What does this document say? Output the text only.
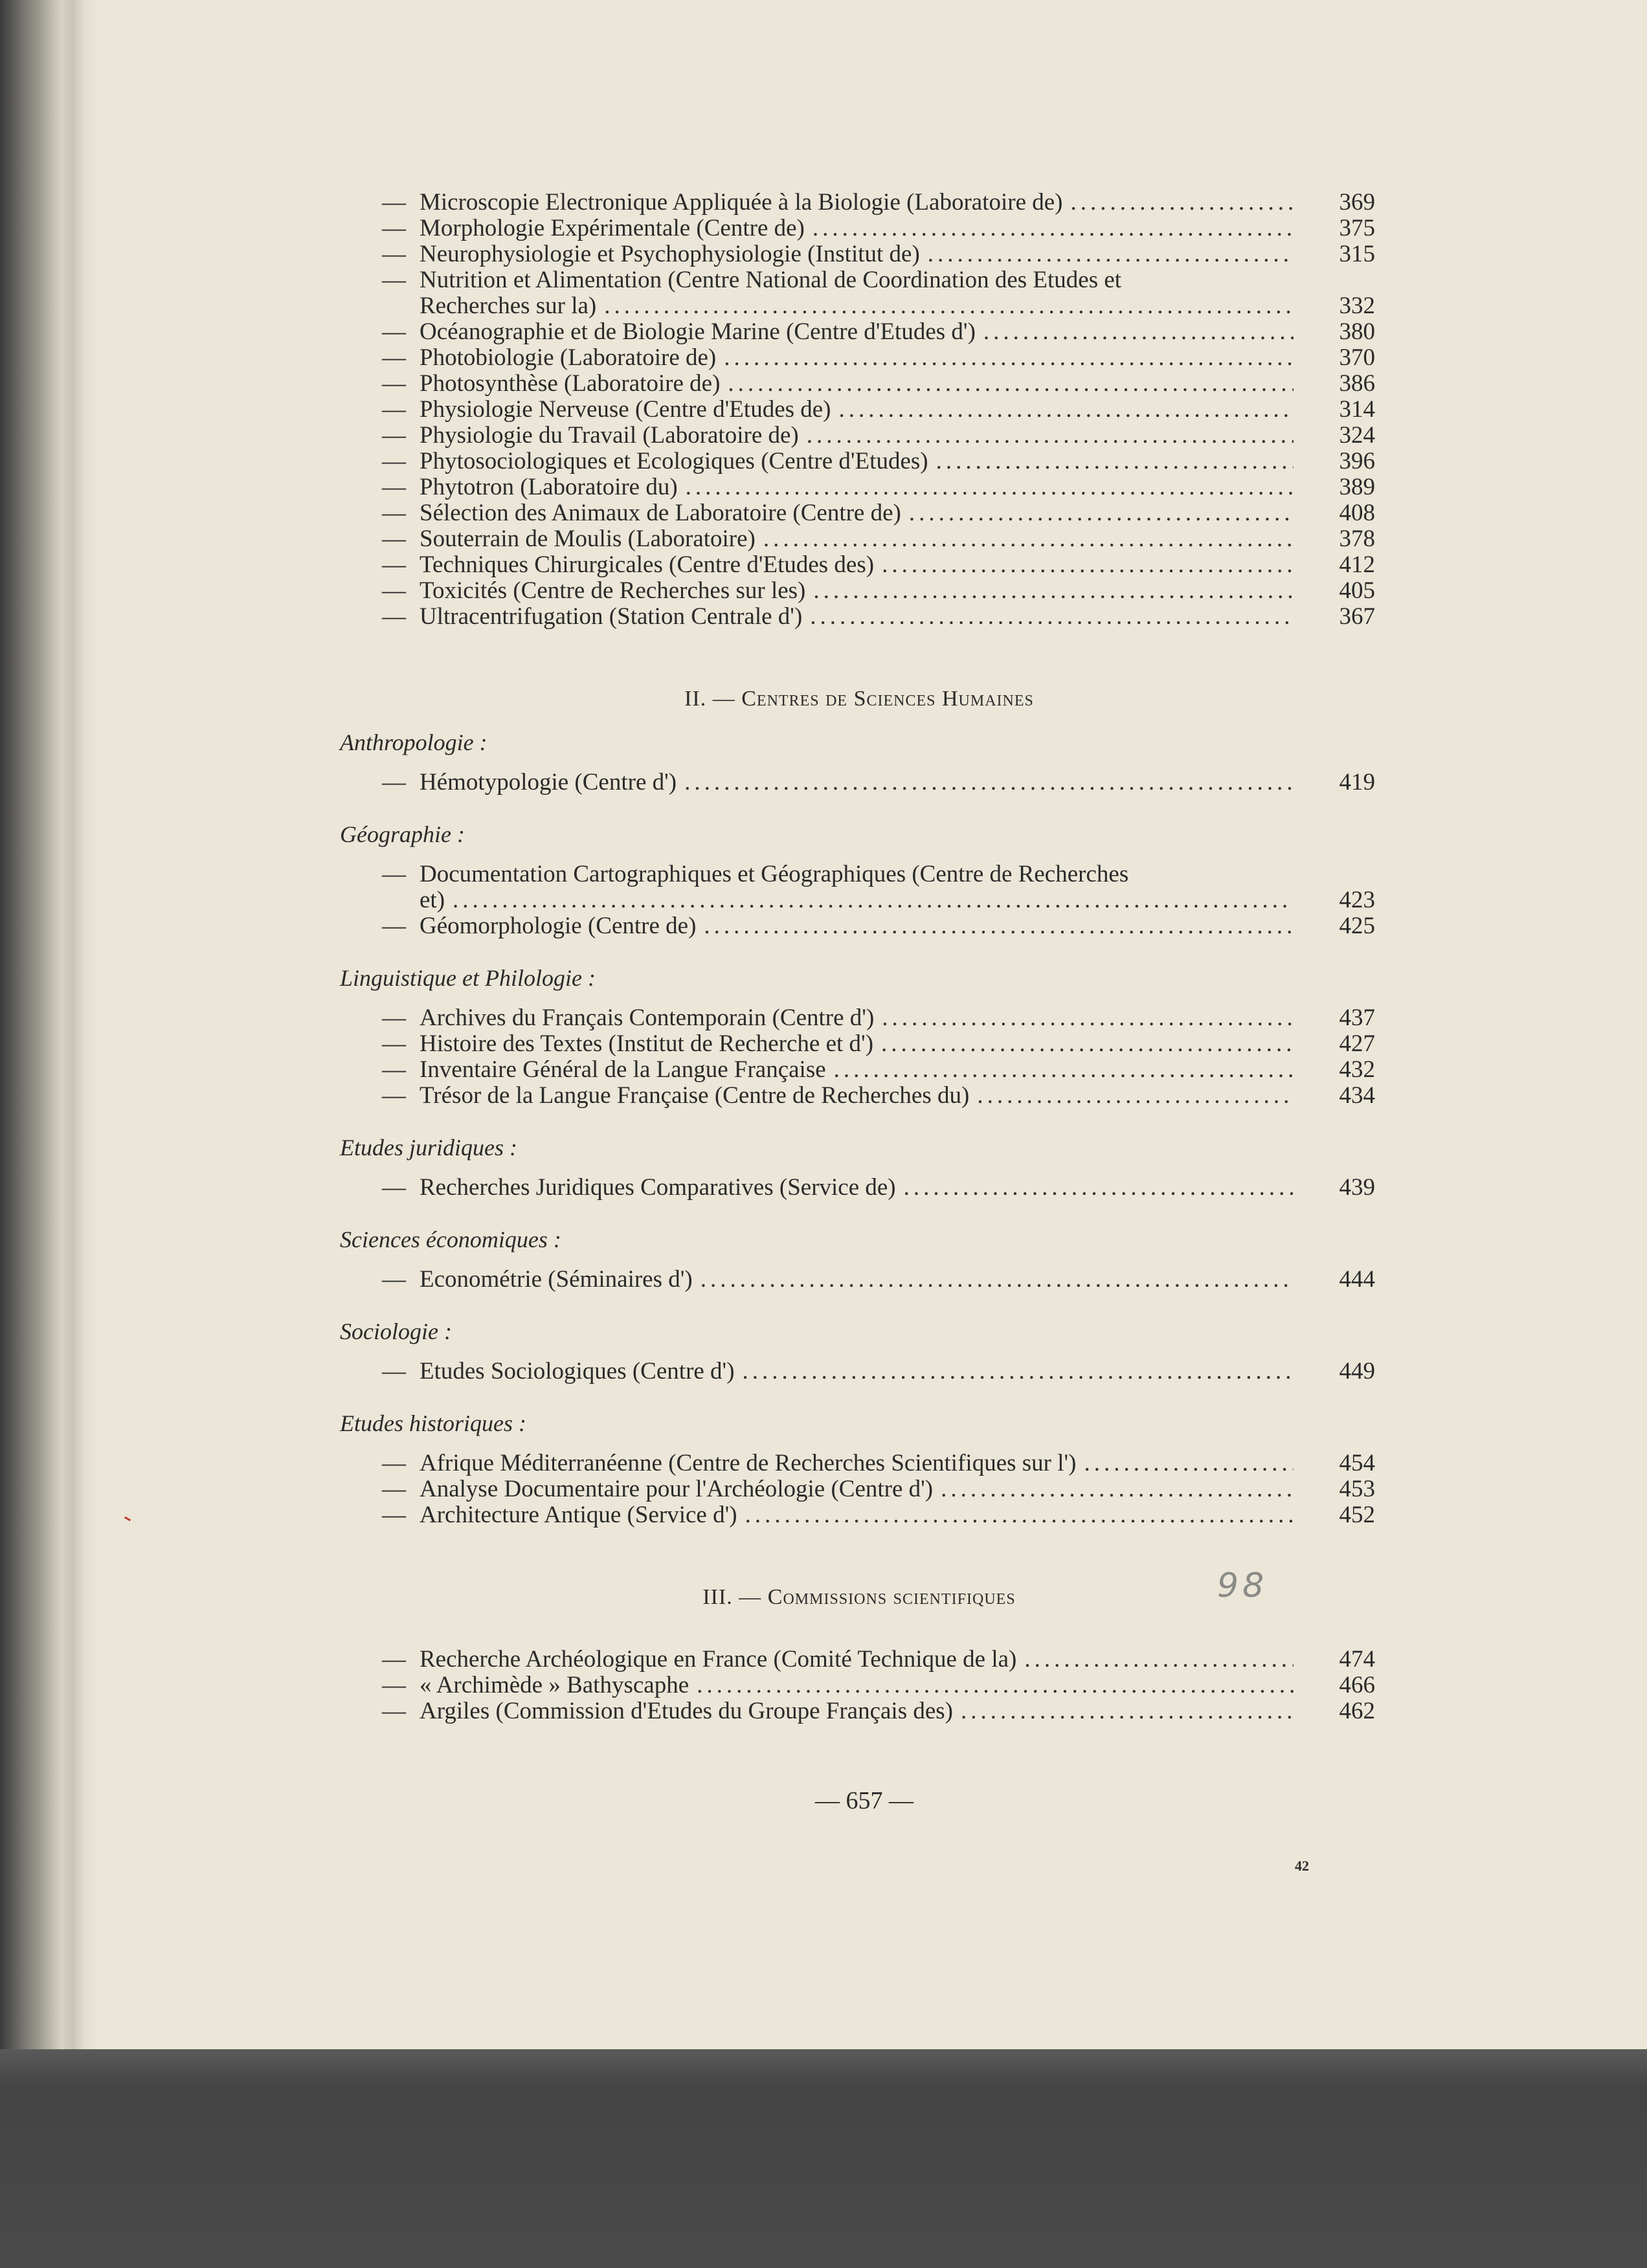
— Microscopie Electronique Appliquée à la Biologie (Laboratoire de) .....	369
— Morphologie Expérimentale (Centre de) .....	375
— Neurophysiologie et Psychophysiologie (Institut de) .....	315
— Nutrition et Alimentation (Centre National de Coordination des Etudes et
Recherches sur la) .....	332
— Océanographie et de Biologie Marine (Centre d'Etudes d') .....	380
— Photobiologie (Laboratoire de) .....	370
— Photosynthèse (Laboratoire de) .....	386
— Physiologie Nerveuse (Centre d'Etudes de) .....	314
— Physiologie du Travail (Laboratoire de) .....	324
— Phytosociologiques et Ecologiques (Centre d'Etudes) .....	396
— Phytotron (Laboratoire du) .....	389
— Sélection des Animaux de Laboratoire (Centre de) .....	408
— Souterrain de Moulis (Laboratoire) .....	378
— Techniques Chirurgicales (Centre d'Etudes des) .....	412
— Toxicités (Centre de Recherches sur les) .....	405
— Ultracentrifugation (Station Centrale d') .....	367
II. — Centres de Sciences Humaines
Anthropologie :
— Hémotypologie (Centre d') .....	419
Géographie :
— Documentation Cartographiques et Géographiques (Centre de Recherches
et) .....	423
— Géomorphologie (Centre de) .....	425
Linguistique et Philologie :
— Archives du Français Contemporain (Centre d') .....	437
— Histoire des Textes (Institut de Recherche et d') .....	427
— Inventaire Général de la Langue Française .....	432
— Trésor de la Langue Française (Centre de Recherches du) .....	434
Etudes juridiques :
— Recherches Juridiques Comparatives (Service de) .....	439
Sciences économiques :
— Econométrie (Séminaires d') .....	444
Sociologie :
— Etudes Sociologiques (Centre d') .....	449
Etudes historiques :
— Afrique Méditerranéenne (Centre de Recherches Scientifiques sur l') .....	454
— Analyse Documentaire pour l'Archéologie (Centre d') .....	453
— Architecture Antique (Service d') .....	452
III. — Commissions scientifiques
— Recherche Archéologique en France (Comité Technique de la) .....	474
— « Archimède » Bathyscaphe .....	466
— Argiles (Commission d'Etudes du Groupe Français des) .....	462
98
— 657 —
42
